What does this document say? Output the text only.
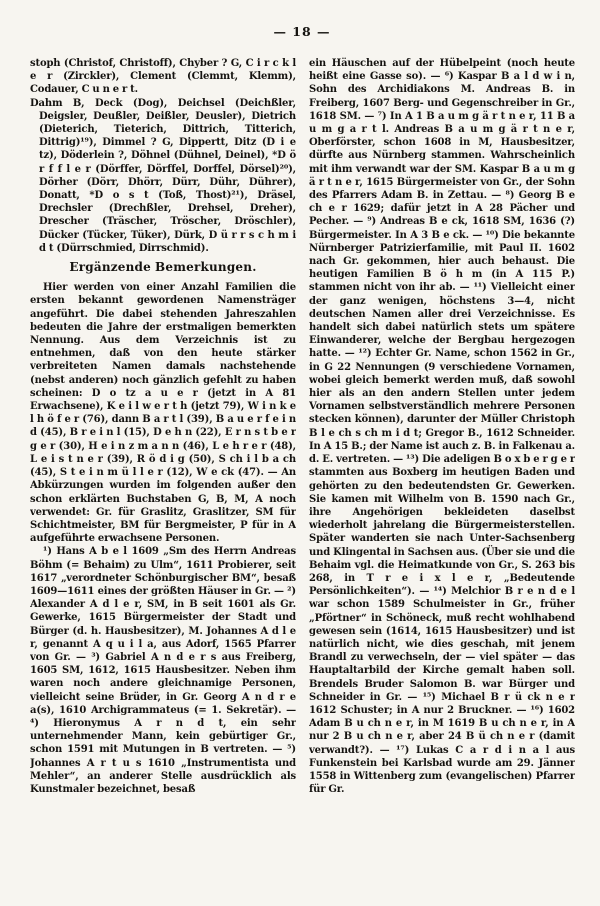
— 18 —

stoph (Christof, Christoff), Chyber ? G, C i r c k l e r (Zirckler), Clement (Clemmt, Klemm), Codauer, C u n e r t.

Dahm B, Deck (Dog), Deichsel (Deichßler, Deigsler, Deußler, Deißler, Deusler), Dietrich (Dieterich, Tieterich, Dittrich, Titterich, Dittrig)¹⁹), Dimmel ? G, Dippertt, Ditz (D i e tz), Döderlein ?, Döhnel (Dühnel, Deinel), *D ö r f f l e r (Dörffer, Dörffel, Dorffel, Dörsel)²⁰), Dörher (Dörr, Dhörr, Dürr, Dühr, Dührer), Donatt, *D o s t (Toß, Thost)²¹), Dräsel, Drechsler (Drechßler, Drehsel, Dreher), Drescher (Träscher, Tröscher, Dröschler), Dücker (Tücker, Tüker), Dürk, D ü r r s c h m i d t (Dürrschmied, Dirrschmid).

Ergänzende Bemerkungen.

Hier werden von einer Anzahl Familien die ersten bekannt gewordenen Namensträger angeführt. Die dabei stehenden Jahreszahlen bedeuten die Jahre der erstmaligen bemerkten Nennung. Aus dem Verzeichnis ist zu entnehmen, daß von den heute stärker verbreiteten Namen damals nachstehende (nebst anderen) noch gänzlich gefehlt zu haben scheinen: D o tz a u e r (jetzt in A 81 Erwachsene), K e i l w e r t h (jetzt 79), W i n k e l h ö f e r (76), dann B a r t l (39), B a u e r f e i n d (45), B r e i n l (15), D e h n (22), E r n s t b e r g e r (30), H e i n z m a n n (46), L e h r e r (48), L e i s t n e r (39), R ö d i g (50), S ch i l b a ch (45), S t e i n m ü l l e r (12), W e ck (47). — An Abkürzungen wurden im folgenden außer den schon erklärten Buchstaben G, B, M, A noch verwendet: Gr. für Graslitz, Graslitzer, SM für Schichtmeister, BM für Bergmeister, P für in A aufgeführte erwachsene Personen.

¹) Hans A b e l 1609 „Sm des Herrn Andreas Böhm (= Behaim) zu Ulm“, 1611 Probierer, seit 1617 „verordneter Schönburgischer BM“, besaß 1609—1611 eines der größten Häuser in Gr. — ²) Alexander A d l e r, SM, in B seit 1601 als Gr. Gewerke, 1615 Bürgermeister der Stadt und Bürger (d. h. Hausbesitzer), M. Johannes A d l e r, genannt A q u i l a, aus Adorf, 1565 Pfarrer von Gr. — ³) Gabriel A n d e r s aus Freiberg, 1605 SM, 1612, 1615 Hausbesitzer. Neben ihm waren noch andere gleichnamige Personen, vielleicht seine Brüder, in Gr. Georg A n d r e a(s), 1610 Archigrammateus (= 1. Sekretär). — ⁴) Hieronymus A r n d t, ein sehr unternehmender Mann, kein gebürtiger Gr., schon 1591 mit Mutungen in B vertreten. — ⁵) Johannes A r t u s 1610 „Instrumentista und Mehler“, an anderer Stelle ausdrücklich als Kunstmaler bezeichnet, besaß

ein Häuschen auf der Hübelpeint (noch heute heißt eine Gasse so). — ⁶) Kaspar B a l d w i n, Sohn des Archidiakons M. Andreas B. in Freiberg, 1607 Berg- und Gegenschreiber in Gr., 1618 SM. — ⁷) In A 1 B a u m g ä r t n e r, 11 B a u m g a r t l. Andreas B a u m g ä r t n e r, Oberförster, schon 1608 in M, Hausbesitzer, dürfte aus Nürnberg stammen. Wahrscheinlich mit ihm verwandt war der SM. Kaspar B a u m g ä r t n e r, 1615 Bürgermeister von Gr., der Sohn des Pfarrers Adam B. in Zettau. — ⁸) Georg B e ch e r 1629; dafür jetzt in A 28 Pächer und Pecher. — ⁹) Andreas B e ck, 1618 SM, 1636 (?) Bürgermeister. In A 3 B e ck. — ¹⁰) Die bekannte Nürnberger Patrizierfamilie, mit Paul II. 1602 nach Gr. gekommen, hier auch behaust. Die heutigen Familien B ö h m (in A 115 P.) stammen nicht von ihr ab. — ¹¹) Vielleicht einer der ganz wenigen, höchstens 3—4, nicht deutschen Namen aller drei Verzeichnisse. Es handelt sich dabei natürlich stets um spätere Einwanderer, welche der Bergbau hergezogen hatte. — ¹²) Echter Gr. Name, schon 1562 in Gr., in G 22 Nennungen (9 verschiedene Vornamen, wobei gleich bemerkt werden muß, daß sowohl hier als an den andern Stellen unter jedem Vornamen selbstverständlich mehrere Personen stecken können), darunter der Müller Christoph B l e ch s ch m i d t; Gregor B., 1612 Schneider. In A 15 B.; der Name ist auch z. B. in Falkenau a. d. E. vertreten. — ¹³) Die adeligen B o x b e r g e r stammten aus Boxberg im heutigen Baden und gehörten zu den bedeutendsten Gr. Gewerken. Sie kamen mit Wilhelm von B. 1590 nach Gr., ihre Angehörigen bekleideten daselbst wiederholt jahrelang die Bürgermeisterstellen. Später wanderten sie nach Unter-Sachsenberg und Klingental in Sachsen aus. (Über sie und die Behaim vgl. die Heimatkunde von Gr., S. 263 bis 268, in T r e i x l e r, „Bedeutende Persönlichkeiten“). — ¹⁴) Melchior B r e n d e l war schon 1589 Schulmeister in Gr., früher „Pförtner“ in Schöneck, muß recht wohlhabend gewesen sein (1614, 1615 Hausbesitzer) und ist natürlich nicht, wie dies geschah, mit jenem Brandl zu verwechseln, der — viel später — das Hauptaltarbild der Kirche gemalt haben soll. Brendels Bruder Salomon B. war Bürger und Schneider in Gr. — ¹⁵) Michael B r ü ck n e r 1612 Schuster; in A nur 2 Bruckner. — ¹⁶) 1602 Adam B u ch n e r, in M 1619 B u ch n e r, in A nur 2 B u ch n e r, aber 24 B ü ch n e r (damit verwandt?). — ¹⁷) Lukas C a r d i n a l aus Funkenstein bei Karlsbad wurde am 29. Jänner 1558 in Wittenberg zum (evangelischen) Pfarrer für Gr.
